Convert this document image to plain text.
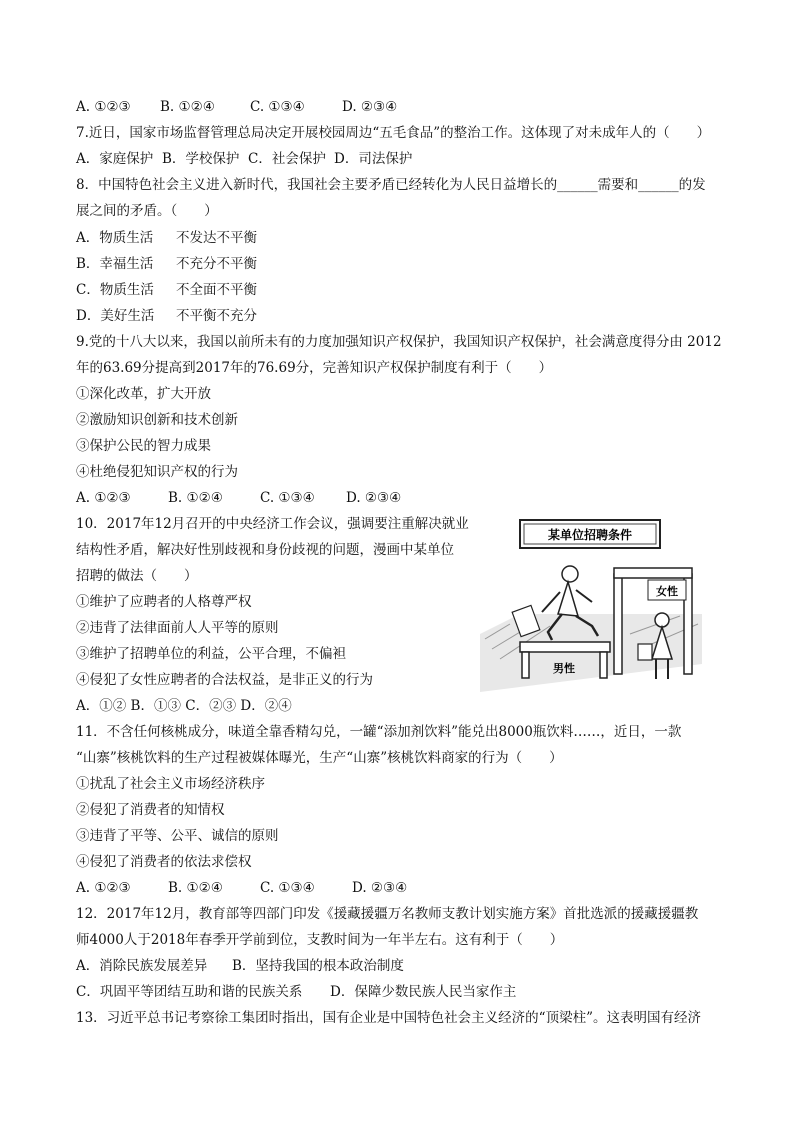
A. ①②③ B. ①②④	C. ①③④	D. ②③④
7.近日，国家市场监督管理总局决定开展校园周边“五毛食品”的整治工作。这体现了对未成年人的（　　）
A．家庭保护 B．学校保护 C．社会保护 D．司法保护
8．中国特色社会主义进入新时代，我国社会主要矛盾已经转化为人民日益增长的______需要和______的发
展之间的矛盾。（　　）
A．物质生活 不发达不平衡
B．幸福生活 不充分不平衡
C．物质生活 不全面不平衡
D．美好生活 不平衡不充分
9.党的十八大以来，我国以前所未有的力度加强知识产权保护，我国知识产权保护，社会满意度得分由 2012
年的63.69分提高到2017年的76.69分，完善知识产权保护制度有利于（　　）
①深化改革，扩大开放
②激励知识创新和技术创新
③保护公民的智力成果
④杜绝侵犯知识产权的行为
A. ①②③	B. ①②④	C. ①③④ D. ②③④
10．2017年12月召开的中央经济工作会议，强调要注重解决就业
结构性矛盾，解决好性别歧视和身份歧视的问题，漫画中某单位
招聘的做法（　　）
①维护了应聘者的人格尊严权
②违背了法律面前人人平等的原则
③维护了招聘单位的利益，公平合理，不偏袒
④侵犯了女性应聘者的合法权益，是非正义的行为
A．①② B．①③ C．②③ D．②④
某单位招聘条件
女性
男性
11．不含任何核桃成分，味道全靠香精勾兑，一罐“添加剂饮料”能兑出8000瓶饮料……，近日，一款
“山寨”核桃饮料的生产过程被媒体曝光，生产“山寨”核桃饮料商家的行为（　　）
①扰乱了社会主义市场经济秩序
②侵犯了消费者的知情权
③违背了平等、公平、诚信的原则
④侵犯了消费者的依法求偿权
A. ①②③	B. ①②④	C. ①③④	D. ②③④
12．2017年12月，教育部等四部门印发《援藏援疆万名教师支教计划实施方案》首批选派的援藏援疆教
师4000人于2018年春季开学前到位，支教时间为一年半左右。这有利于（　　）
A．消除民族发展差异 B．坚持我国的根本政治制度
C．巩固平等团结互助和谐的民族关系 D．保障少数民族人民当家作主
13．习近平总书记考察徐工集团时指出，国有企业是中国特色社会主义经济的“顶梁柱”。这表明国有经济
